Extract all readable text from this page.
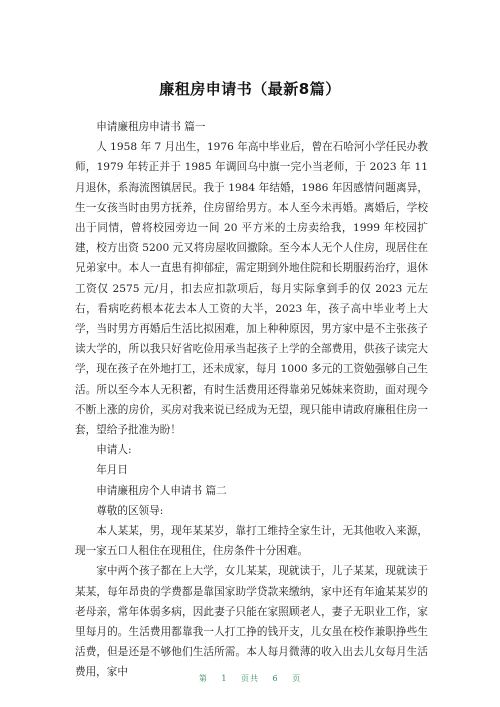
廉租房申请书（最新8篇）

申请廉租房申请书 篇一

人 1958 年 7 月出生，1976 年高中毕业后，曾在石哈河小学任民办教师，1979 年转正并于 1985 年调回乌中旗一完小当老师，于 2023 年 11 月退休，系海流图镇居民。我于 1984 年结婚，1986 年因感情问题离异，生一女孩当时由男方抚养，住房留给男方。本人至今未再婚。离婚后，学校出于同情，曾将校园旁边一间 20 平方米的土房卖给我，1999 年校园扩建，校方出资 5200 元又将房屋收回撤除。至今本人无个人住房，现居住在兄弟家中。本人一直患有抑郁症，需定期到外地住院和长期服药治疗，退休工资仅 2575 元/月，扣去应扣款项后，每月实际拿到手的仅 2023 元左右，看病吃药根本花去本人工资的大半，2023 年，孩子高中毕业考上大学，当时男方再婚后生活比拟困难，加上种种原因，男方家中是不主张孩子读大学的，所以我只好省吃俭用承当起孩子上学的全部费用，供孩子读完大学，现在孩子在外地打工，还未成家，每月 1000 多元的工资勉强够自己生活。所以至今本人无积蓄，有时生活费用还得靠弟兄姊妹来资助，面对现今不断上涨的房价，买房对我来说已经成为无望，现只能申请政府廉租住房一套，望给予批准为盼！

申请人:

年月日

申请廉租房个人申请书 篇二

尊敬的区领导:

本人某某，男，现年某某岁，靠打工维持全家生计，无其他收入来源，现一家五口人租住在现租住，住房条件十分困难。

家中两个孩子都在上大学，女儿某某，现就读于，儿子某某，现就读于某某，每年昂贵的学费都是靠国家助学贷款来缴纳，家中还有年逾某某岁的老母亲，常年体弱多病，因此妻子只能在家照顾老人，妻子无职业工作，家里每月的。生活费用都靠我一人打工挣的钱开支，儿女虽在校作兼职挣些生活费，但是还是不够他们生活所需。本人每月微薄的收入出去儿女每月生活费用，家中

第 1 页共 6 页
